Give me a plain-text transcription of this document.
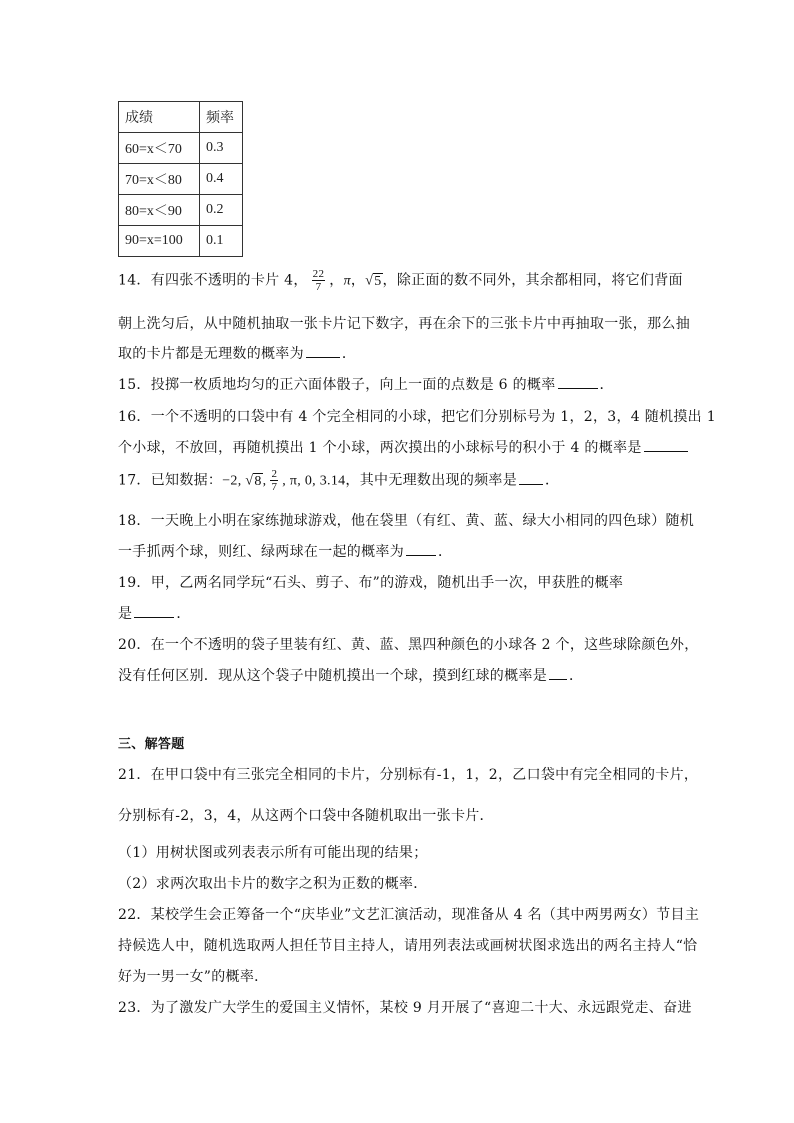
成绩	频率
60=x＜70	0.3
70=x＜80	0.4
80=x＜90	0.2
90=x=100	0.1
14．有四张不透明的卡片 4， $\frac{22}{7}$ ，π，√5，除正面的数不同外，其余都相同，将它们背面
朝上洗匀后，从中随机抽取一张卡片记下数字，再在余下的三张卡片中再抽取一张，那么抽
取的卡片都是无理数的概率为	．
15．投掷一枚质地均匀的正六面体骰子，向上一面的点数是 6 的概率	．
16．一个不透明的口袋中有 4 个完全相同的小球，把它们分别标号为 1，2，3，4 随机摸出 1
个小球，不放回，再随机摸出 1 个小球，两次摸出的小球标号的积小于 4 的概率是
17．已知数据：−2, √8, $\frac{2}{7}$ , π, 0, 3.14，其中无理数出现的频率是 ．
18．一天晚上小明在家练抛球游戏，他在袋里（有红、黄、蓝、绿大小相同的四色球）随机
一手抓两个球，则红、绿两球在一起的概率为 ．
19．甲，乙两名同学玩“石头、剪子、布”的游戏，随机出手一次，甲获胜的概率
是	．
20．在一个不透明的袋子里装有红、黄、蓝、黑四种颜色的小球各 2 个，这些球除颜色外，
没有任何区别．现从这个袋子中随机摸出一个球，摸到红球的概率是 ．
三、解答题
21．在甲口袋中有三张完全相同的卡片，分别标有-1，1，2，乙口袋中有完全相同的卡片，
分别标有-2，3，4，从这两个口袋中各随机取出一张卡片．
（1）用树状图或列表表示所有可能出现的结果；
（2）求两次取出卡片的数字之积为正数的概率．
22．某校学生会正筹备一个“庆毕业”文艺汇演活动，现准备从 4 名（其中两男两女）节目主
持候选人中，随机选取两人担任节目主持人，请用列表法或画树状图求选出的两名主持人“恰
好为一男一女”的概率．
23．为了激发广大学生的爱国主义情怀，某校 9 月开展了“喜迎二十大、永远跟党走、奋进
